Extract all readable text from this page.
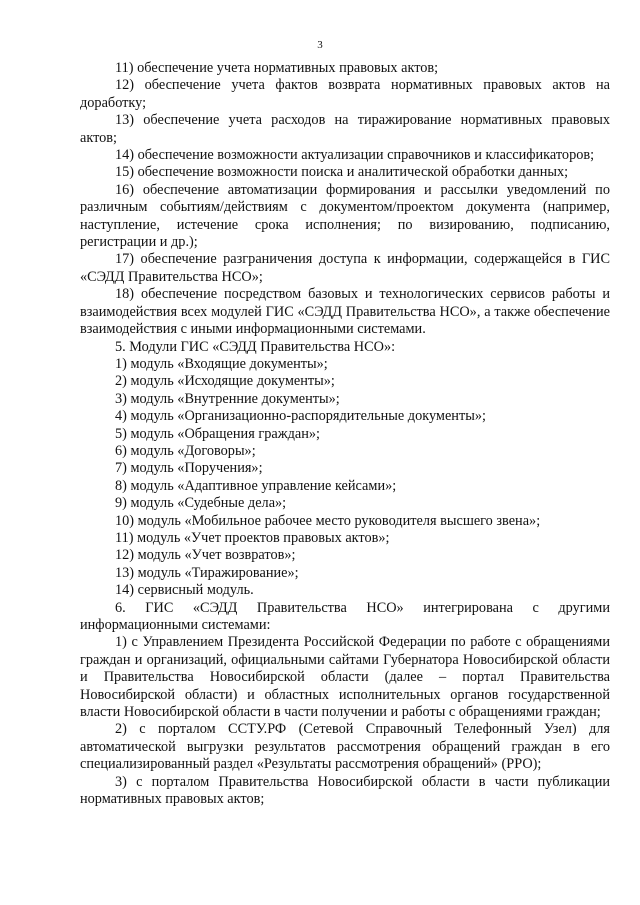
3

11) обеспечение учета нормативных правовых актов;

12) обеспечение учета фактов возврата нормативных правовых актов на доработку;

13) обеспечение учета расходов на тиражирование нормативных правовых актов;

14) обеспечение возможности актуализации справочников и классификаторов;

15) обеспечение возможности поиска и аналитической обработки данных;

16) обеспечение автоматизации формирования и рассылки уведомлений по различным событиям/действиям с документом/проектом документа (например, наступление, истечение срока исполнения; по визированию, подписанию, регистрации и др.);

17) обеспечение разграничения доступа к информации, содержащейся в ГИС «СЭДД Правительства НСО»;

18) обеспечение посредством базовых и технологических сервисов работы и взаимодействия всех модулей ГИС «СЭДД Правительства НСО», а также обеспечение взаимодействия с иными информационными системами.

5. Модули ГИС «СЭДД Правительства НСО»:

1) модуль «Входящие документы»;

2) модуль «Исходящие документы»;

3) модуль «Внутренние документы»;

4) модуль «Организационно-распорядительные документы»;

5) модуль «Обращения граждан»;

6) модуль «Договоры»;

7) модуль «Поручения»;

8) модуль «Адаптивное управление кейсами»;

9) модуль «Судебные дела»;

10) модуль «Мобильное рабочее место руководителя высшего звена»;

11) модуль «Учет проектов правовых актов»;

12) модуль «Учет возвратов»;

13) модуль «Тиражирование»;

14) сервисный модуль.

6. ГИС «СЭДД Правительства НСО» интегрирована с другими информационными системами:

1) с Управлением Президента Российской Федерации по работе с обращениями граждан и организаций, официальными сайтами Губернатора Новосибирской области и Правительства Новосибирской области (далее – портал Правительства Новосибирской области) и областных исполнительных органов государственной власти Новосибирской области в части получении и работы с обращениями граждан;

2) с порталом ССТУ.РФ (Сетевой Справочный Телефонный Узел) для автоматической выгрузки результатов рассмотрения обращений граждан в его специализированный раздел «Результаты рассмотрения обращений» (РРО);

3) с порталом Правительства Новосибирской области в части публикации нормативных правовых актов;
